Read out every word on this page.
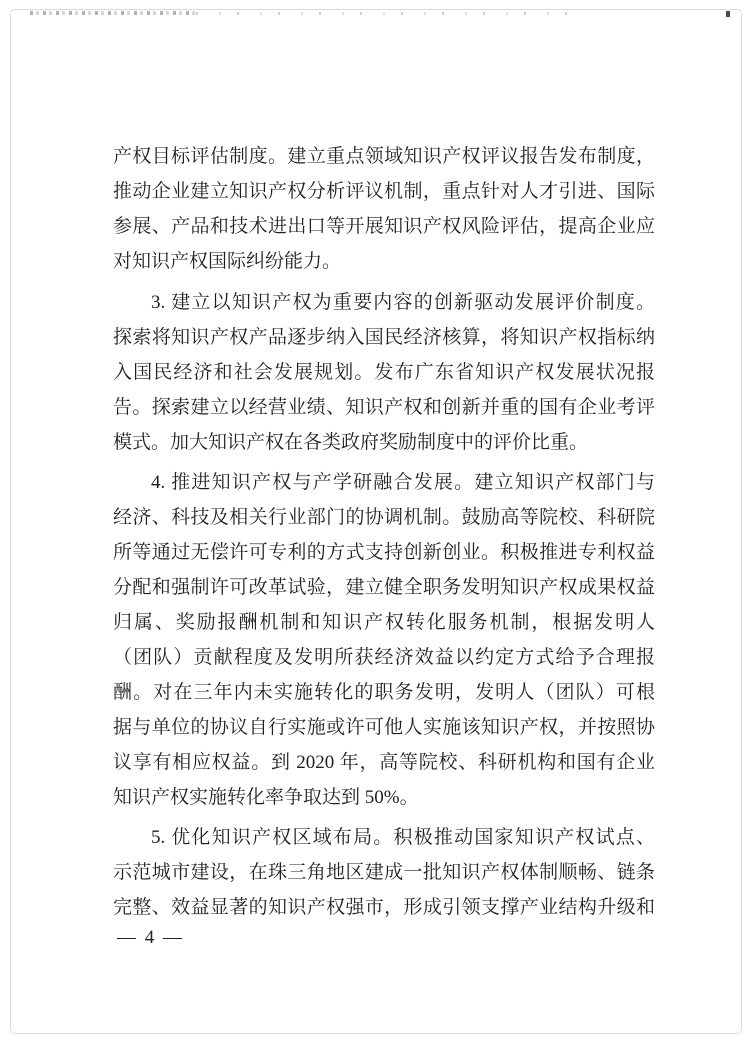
产权目标评估制度。建立重点领域知识产权评议报告发布制度，
推动企业建立知识产权分析评议机制，重点针对人才引进、国际
参展、产品和技术进出口等开展知识产权风险评估，提高企业应
对知识产权国际纠纷能力。
3. 建立以知识产权为重要内容的创新驱动发展评价制度。
探索将知识产权产品逐步纳入国民经济核算，将知识产权指标纳
入国民经济和社会发展规划。发布广东省知识产权发展状况报
告。探索建立以经营业绩、知识产权和创新并重的国有企业考评
模式。加大知识产权在各类政府奖励制度中的评价比重。
4. 推进知识产权与产学研融合发展。建立知识产权部门与
经济、科技及相关行业部门的协调机制。鼓励高等院校、科研院
所等通过无偿许可专利的方式支持创新创业。积极推进专利权益
分配和强制许可改革试验，建立健全职务发明知识产权成果权益
归属、奖励报酬机制和知识产权转化服务机制，根据发明人
（团队）贡献程度及发明所获经济效益以约定方式给予合理报
酬。对在三年内未实施转化的职务发明，发明人（团队）可根
据与单位的协议自行实施或许可他人实施该知识产权，并按照协
议享有相应权益。到 2020 年，高等院校、科研机构和国有企业
知识产权实施转化率争取达到 50%。
5. 优化知识产权区域布局。积极推动国家知识产权试点、
示范城市建设，在珠三角地区建成一批知识产权体制顺畅、链条
完整、效益显著的知识产权强市，形成引领支撑产业结构升级和
— 4 —
